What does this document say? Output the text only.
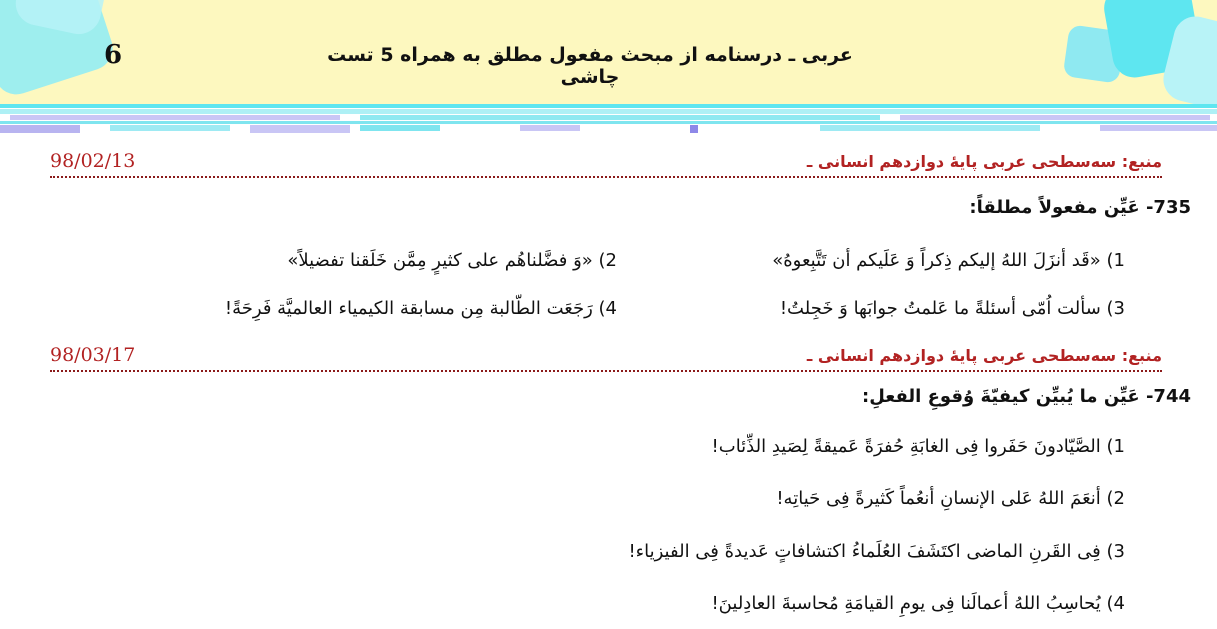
6	عربی ـ درسنامه از مبحث مفعول مطلق به همراه 5 تست چاشی
منبع: سه‌سطحی عربی پایهٔ دوازدهم انسانی ـ
98/02/13
735- عَیِّن مفعولاً مطلقاً:
1) «قَد أنزَلَ اللهُ إليكم ذِكراً وَ عَلَيكم أن تَتَّبِعوهُ»
2) «وَ فضَّلناهُم على كثيرٍ مِمَّن خَلَقنا تفضيلاً»
3) سألت اُمّى أسئلةً ما عَلمتُ جوابَها وَ خَجِلتُ!
4) رَجَعَت الطّالبة مِن مسابقة الكيمياء العالميَّة فَرِحَةً!
منبع: سه‌سطحی عربی پایهٔ دوازدهم انسانی ـ
98/03/17
744- عَيِّن ما يُبيِّن كيفيّةَ وُقوعِ الفعلِ:
1) الصَّيّادونَ حَفَروا فِی الغابَةِ حُفرَةً عَميقةً لِصَيدِ الذِّئاب!
2) أنعَمَ اللهُ عَلى الإنسانِ أنعُماً كَثيرةً فِی حَياتِه!
3) فِی القَرنِ الماضی اكتَشَفَ العُلَماءُ اكتشافاتٍ عَديدةً فِی الفيزياء!
4) يُحاسِبُ اللهُ أعمالَنا فِی يومِ القيامَةِ مُحاسبةَ العادِلينَ!
